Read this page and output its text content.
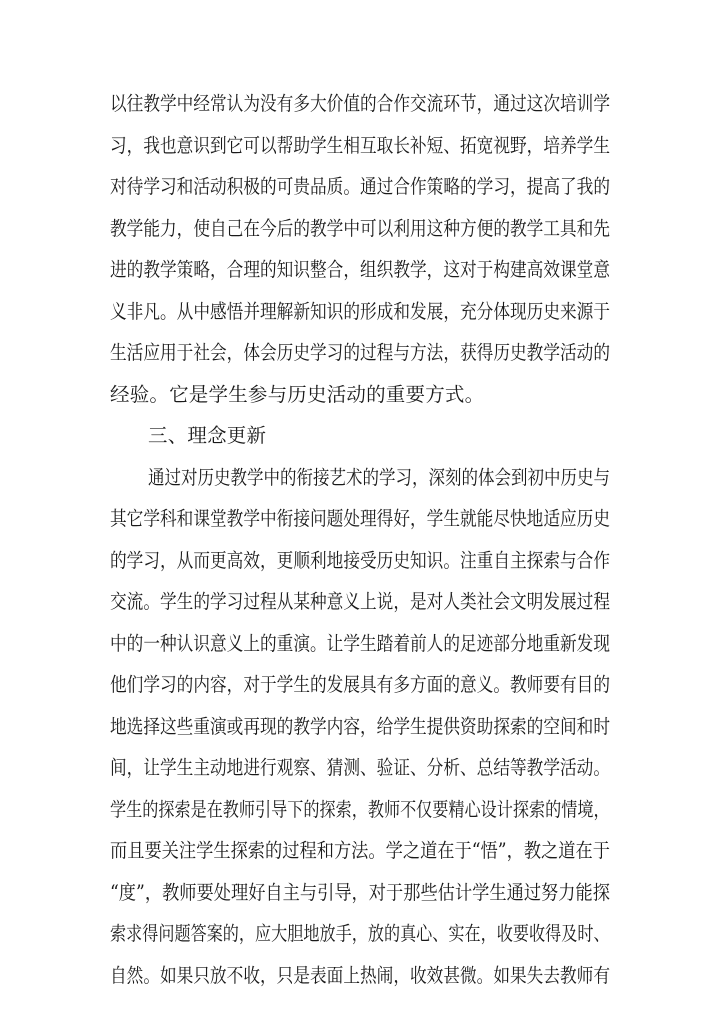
以往教学中经常认为没有多大价值的合作交流环节，通过这次培训学
习，我也意识到它可以帮助学生相互取长补短、拓宽视野，培养学生
对待学习和活动积极的可贵品质。通过合作策略的学习，提高了我的
教学能力，使自己在今后的教学中可以利用这种方便的教学工具和先
进的教学策略，合理的知识整合，组织教学，这对于构建高效课堂意
义非凡。从中感悟并理解新知识的形成和发展，充分体现历史来源于
生活应用于社会，体会历史学习的过程与方法，获得历史教学活动的
经验。它是学生参与历史活动的重要方式。
三、理念更新
通过对历史教学中的衔接艺术的学习，深刻的体会到初中历史与
其它学科和课堂教学中衔接问题处理得好，学生就能尽快地适应历史
的学习，从而更高效，更顺利地接受历史知识。注重自主探索与合作
交流。学生的学习过程从某种意义上说，是对人类社会文明发展过程
中的一种认识意义上的重演。让学生踏着前人的足迹部分地重新发现
他们学习的内容，对于学生的发展具有多方面的意义。教师要有目的
地选择这些重演或再现的教学内容，给学生提供资助探索的空间和时
间，让学生主动地进行观察、猜测、验证、分析、总结等教学活动。
学生的探索是在教师引导下的探索，教师不仅要精心设计探索的情境，
而且要关注学生探索的过程和方法。学之道在于“悟”，教之道在于
“度”，教师要处理好自主与引导，对于那些估计学生通过努力能探
索求得问题答案的，应大胆地放手，放的真心、实在，收要收得及时、
自然。如果只放不收，只是表面上热闹，收效甚微。如果失去教师有
